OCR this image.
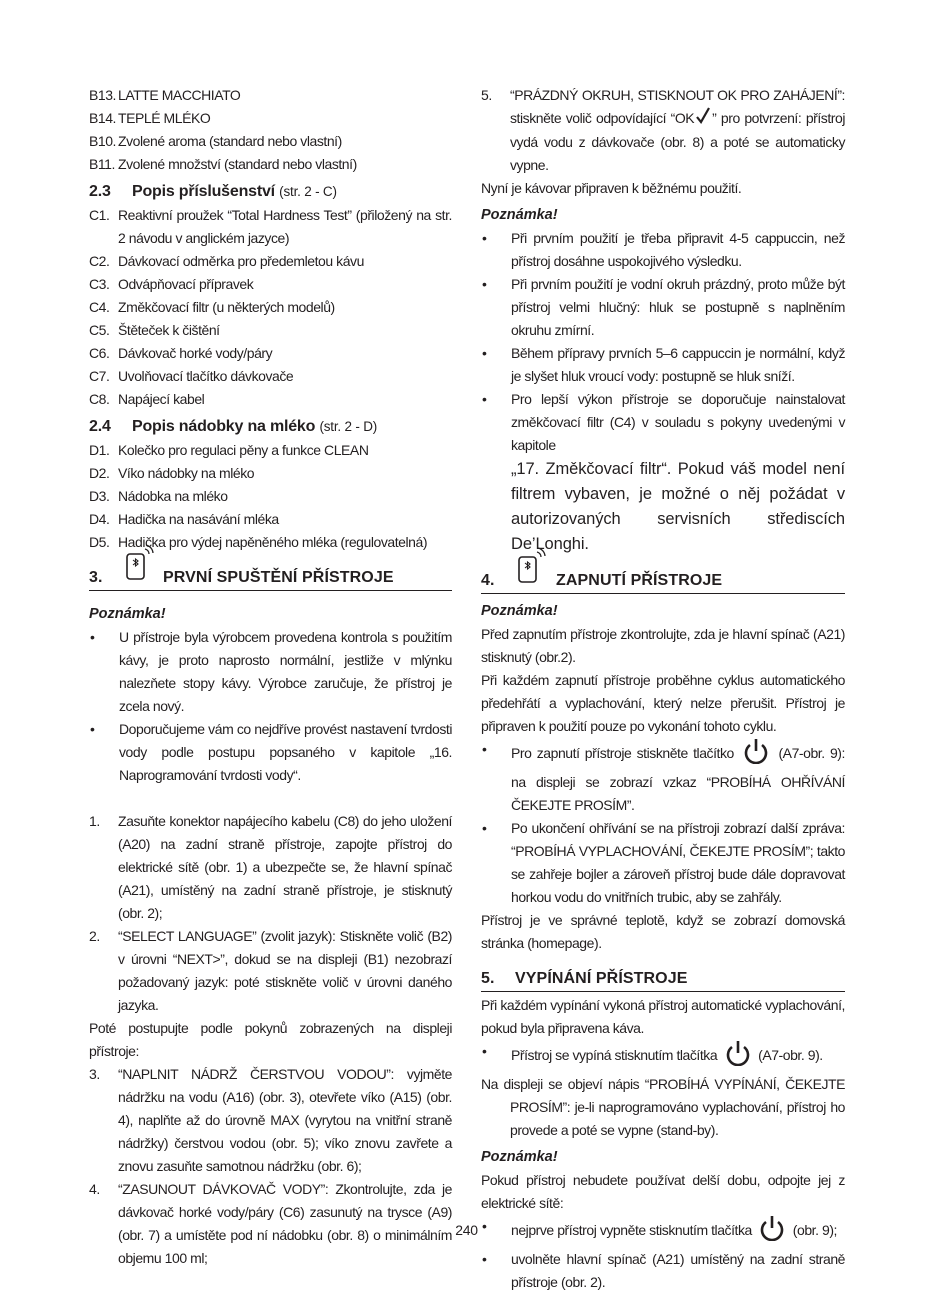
B13. LATTE MACCHIATO
B14. TEPLÉ MLÉKO
B10. Zvolené aroma (standard nebo vlastní)
B11. Zvolené množství (standard nebo vlastní)
2.3 Popis příslušenství (str. 2 - C)
C1. Reaktivní proužek “Total Hardness Test” (přiložený na str. 2 návodu v anglickém jazyce)
C2. Dávkovací odměrka pro předemletou kávu
C3. Odvápňovací přípravek
C4. Změkčovací filtr (u některých modelů)
C5. Štěteček k čištění
C6. Dávkovač horké vody/páry
C7. Uvolňovací tlačítko dávkovače
C8. Napájecí kabel
2.4 Popis nádobky na mléko (str. 2 - D)
D1. Kolečko pro regulaci pěny a funkce CLEAN
D2. Víko nádobky na mléko
D3. Nádobka na mléko
D4. Hadička na nasávání mléka
D5. Hadička pro výdej napěněného mléka (regulovatelná)
3.	PRVNÍ SPUŠTĚNÍ PŘÍSTROJE
Poznámka!
• U přístroje byla výrobcem provedena kontrola s použitím kávy, je proto naprosto normální, jestliže v mlýnku nalezňete stopy kávy. Výrobce zaručuje, že přístroj je zcela nový.
• Doporučujeme vám co nejdříve provést nastavení tvrdosti vody podle postupu popsaného v kapitole „16. Naprogramování tvrdosti vody“.
1. Zasuňte konektor napájecího kabelu (C8) do jeho uložení (A20) na zadní straně přístroje, zapojte přístroj do elektrické sítě (obr. 1) a ubezpečte se, že hlavní spínač (A21), umístěný na zadní straně přístroje, je stisknutý (obr. 2);
2. “SELECT LANGUAGE” (zvolit jazyk): Stiskněte volič (B2) v úrovni “NEXT>”, dokud se na displeji (B1) nezobrazí požadovaný jazyk: poté stiskněte volič v úrovni daného jazyka.
Poté postupujte podle pokynů zobrazených na displeji přístroje:
3. “NAPLNIT NÁDRŽ ČERSTVOU VODOU”: vyjměte nádržku na vodu (A16) (obr. 3), otevřete víko (A15) (obr. 4), naplňte až do úrovně MAX (vyrytou na vnitřní straně nádržky) čerstvou vodou (obr. 5); víko znovu zavřete a znovu zasuňte samotnou nádržku (obr. 6);
4. “ZASUNOUT DÁVKOVAČ VODY”: Zkontrolujte, zda je dávkovač horké vody/páry (C6) zasunutý na trysce (A9) (obr. 7) a umístěte pod ní nádobku (obr. 8) o minimálním objemu 100 ml;
5. “PRÁZDNÝ OKRUH, STISKNOUT OK PRO ZAHÁJENÍ”: stiskněte volič odpovídající “OK ” pro potvrzení: přístroj vydá vodu z dávkovače (obr. 8) a poté se automaticky vypne.
Nyní je kávovar připraven k běžnému použití.
Poznámka!
• Při prvním použití je třeba připravit 4-5 cappuccin, než přístroj dosáhne uspokojivého výsledku.
• Při prvním použití je vodní okruh prázdný, proto může být přístroj velmi hlučný: hluk se postupně s naplněním okruhu zmírní.
• Během přípravy prvních 5–6 cappuccin je normální, když je slyšet hluk vroucí vody: postupně se hluk sníží.
• Pro lepší výkon přístroje se doporučuje nainstalovat změkčovací filtr (C4) v souladu s pokyny uvedenými v kapitole
„17. Změkčovací filtr“. Pokud váš model není filtrem vybaven, je možné o něj požádat v autorizovaných servisních střediscích De’Longhi.
4.	ZAPNUTÍ PŘÍSTROJE
Poznámka!
Před zapnutím přístroje zkontrolujte, zda je hlavní spínač (A21) stisknutý (obr.2).
Při každém zapnutí přístroje proběhne cyklus automatického předehřátí a vyplachování, který nelze přerušit. Přístroj je připraven k použití pouze po vykonání tohoto cyklu.
• Pro zapnutí přístroje stiskněte tlačítko	(A7-obr. 9): na displeji se zobrazí vzkaz “PROBÍHÁ OHŘÍVÁNÍ ČEKEJTE PROSÍM”.
• Po ukončení ohřívání se na přístroji zobrazí další zpráva: “PROBÍHÁ VYPLACHOVÁNÍ, ČEKEJTE PROSÍM”; takto se zahřeje bojler a zároveň přístroj bude dále dopravovat horkou vodu do vnitřních trubic, aby se zahřály.
Přístroj je ve správné teplotě, když se zobrazí domovská stránka (homepage).
5. VYPÍNÁNÍ PŘÍSTROJE
Při každém vypínání vykoná přístroj automatické vyplachování, pokud byla připravena káva.
• Přístroj se vypíná stisknutím tlačítka	(A7-obr. 9).
Na displeji se objeví nápis “PROBÍHÁ VYPÍNÁNÍ, ČEKEJTE PROSÍM”: je-li naprogramováno vyplachování, přístroj ho provede a poté se vypne (stand-by).
Poznámka!
Pokud přístroj nebudete používat delší dobu, odpojte jej z elektrické sítě:
• nejprve přístroj vypněte stisknutím tlačítka	(obr. 9);
• uvolněte hlavní spínač (A21) umístěný na zadní straně přístroje (obr. 2).
240
